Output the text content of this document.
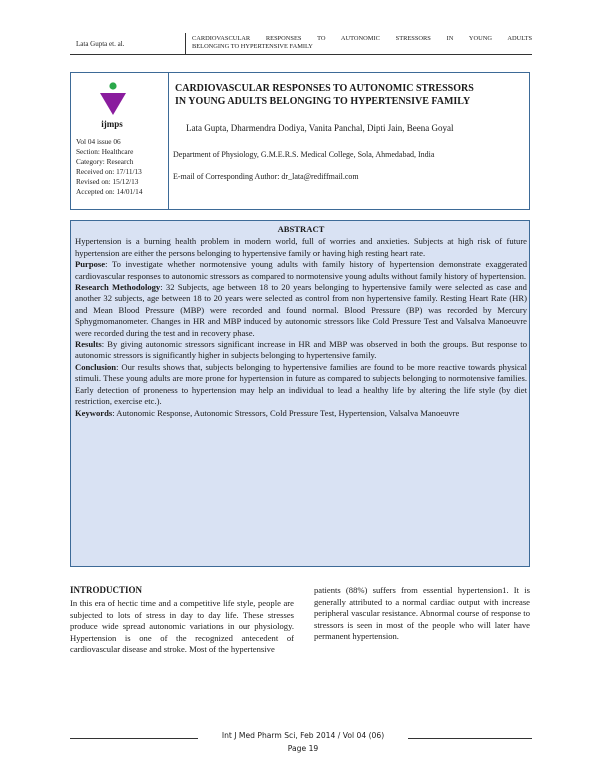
Lata Gupta et. al.
CARDIOVASCULAR RESPONSES TO AUTONOMIC STRESSORS IN YOUNG ADULTS
BELONGING TO HYPERTENSIVE FAMILY
ijmps
Vol 04 issue 06
Section: Healthcare
Category: Research
Received on: 17/11/13
Revised on: 15/12/13
Accepted on: 14/01/14
CARDIOVASCULAR RESPONSES TO AUTONOMIC STRESSORS
IN YOUNG ADULTS BELONGING TO HYPERTENSIVE FAMILY
Lata Gupta, Dharmendra Dodiya, Vanita Panchal, Dipti Jain, Beena Goyal
Department of Physiology, G.M.E.R.S. Medical College, Sola, Ahmedabad, India
E-mail of Corresponding Author: dr_lata@rediffmail.com
ABSTRACT

Hypertension is a burning health problem in modern world, full of worries and anxieties. Subjects at high risk of future hypertension are either the persons belonging to hypertensive family or having high resting heart rate.

Purpose: To investigate whether normotensive young adults with family history of hypertension demonstrate exaggerated cardiovascular responses to autonomic stressors as compared to normotensive young adults without family history of hypertension.

Research Methodology: 32 Subjects, age between 18 to 20 years belonging to hypertensive family were selected as case and another 32 subjects, age between 18 to 20 years were selected as control from non hypertensive family. Resting Heart Rate (HR) and Mean Blood Pressure (MBP) were recorded and found normal. Blood Pressure (BP) was recorded by Mercury Sphygmomanometer. Changes in HR and MBP induced by autonomic stressors like Cold Pressure Test and Valsalva Manoeuvre were recorded during the test and in recovery phase.

Results: By giving autonomic stressors significant increase in HR and MBP was observed in both the groups. But response to autonomic stressors is significantly higher in subjects belonging to hypertensive family.

Conclusion: Our results shows that, subjects belonging to hypertensive families are found to be more reactive towards physical stimuli. These young adults are more prone for hypertension in future as compared to subjects belonging to normotensive families. Early detection of proneness to hypertension may help an individual to lead a healthy life by altering the life style (by diet restriction, exercise etc.).

Keywords: Autonomic Response, Autonomic Stressors, Cold Pressure Test, Hypertension, Valsalva Manoeuvre

INTRODUCTION

In this era of hectic time and a competitive life style, people are subjected to lots of stress in day to day life. These stresses produce wide spread autonomic variations in our physiology. Hypertension is one of the recognized antecedent of cardiovascular disease and stroke. Most of the hypertensive

patients (88%) suffers from essential hypertension1. It is generally attributed to a normal cardiac output with increase peripheral vascular resistance. Abnormal course of response to stressors is seen in most of the people who will later have permanent hypertension.

Int J Med Pharm Sci, Feb 2014 / Vol 04 (06)
Page 19
